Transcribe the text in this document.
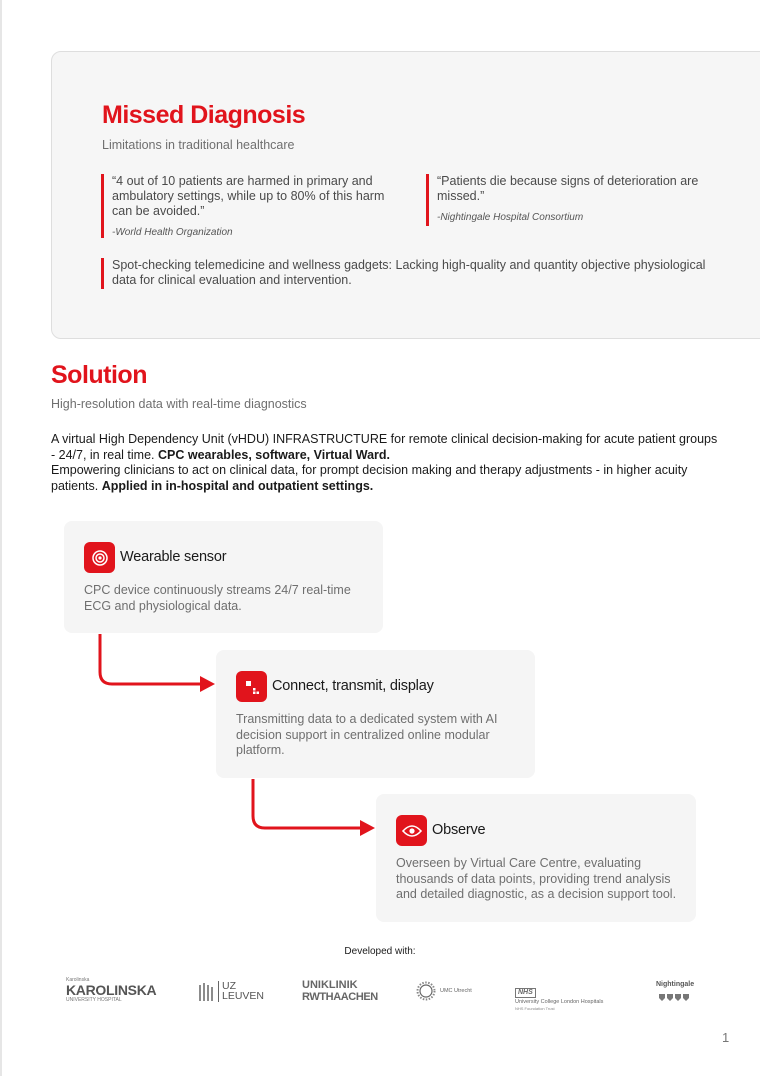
Missed Diagnosis
Limitations in traditional healthcare
“4 out of 10 patients are harmed in primary and ambulatory settings, while up to 80% of this harm can be avoided.”
-World Health Organization
“Patients die because signs of deterioration are missed.”
-Nightingale Hospital Consortium
Spot-checking telemedicine and wellness gadgets: Lacking high-quality and quantity objective physiological data for clinical evaluation and intervention.
Solution
High-resolution data with real-time diagnostics

A virtual High Dependency Unit (vHDU) INFRASTRUCTURE for remote clinical decision-making for acute patient groups - 24/7, in real time. CPC wearables, software, Virtual Ward.

Empowering clinicians to act on clinical data, for prompt decision making and therapy adjustments - in higher acuity patients. Applied in in-hospital and outpatient settings.

Wearable sensor
CPC device continuously streams 24/7 real-time ECG and physiological data.
Connect, transmit, display
Transmitting data to a dedicated system with AI decision support in centralized online modular platform.
Observe
Overseen by Virtual Care Centre, evaluating thousands of data points, providing trend analysis and detailed diagnostic, as a decision support tool.
Developed with:
Karolinska
KAROLINSKA
UNIVERSITY HOSPITAL
UZ
LEUVEN
UNIKLINIK
RWTHAACHEN	UMC Utrecht	NHS
University College London Hospitals
NHS Foundation Trust
Nightingale
1
